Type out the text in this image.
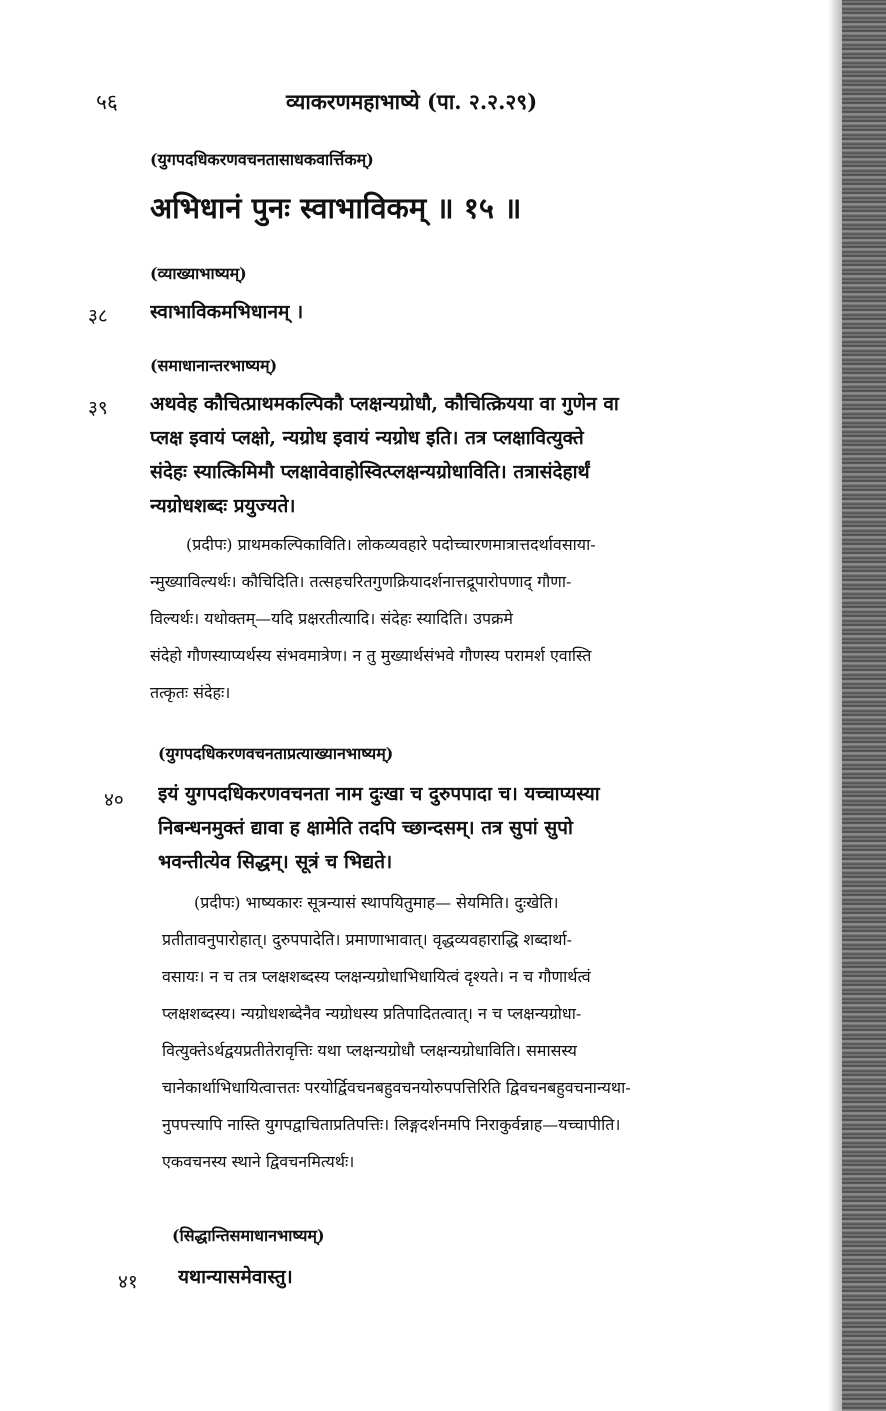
५६	व्याकरणमहाभाष्ये (पा. २.२.२९)
(युगपदधिकरणवचनतासाधकवार्त्तिकम्)
अभिधानं पुनः स्वाभाविकम् ॥ १५ ॥
(व्याख्याभाष्यम्)
३८ स्वाभाविकमभिधानम् ।
(समाधानान्तरभाष्यम्)
३९ अथवेह कौचित्प्राथमकल्पिकौ प्लक्षन्यग्रोधौ, कौचित्क्रियया वा गुणेन वा
प्लक्ष इवायं प्लक्षो, न्यग्रोध इवायं न्यग्रोध इति। तत्र प्लक्षावित्युक्ते
संदेहः स्यात्किमिमौ प्लक्षावेवाहोस्वित्प्लक्षन्यग्रोधाविति। तत्रासंदेहार्थं
न्यग्रोधशब्दः प्रयुज्यते।
(प्रदीपः) प्राथमकल्पिकाविति। लोकव्यवहारे पदोच्चारणमात्रात्तदर्थावसाया-
न्मुख्याविल्यर्थः। कौचिदिति। तत्सहचरितगुणक्रियादर्शनात्तद्रूपारोपणाद् गौणा-
विल्यर्थः। यथोक्तम्—यदि प्रक्षरतीत्यादि। संदेहः स्यादिति। उपक्रमे
संदेहो गौणस्याप्यर्थस्य संभवमात्रेण। न तु मुख्यार्थसंभवे गौणस्य परामर्श एवास्ति
तत्कृतः संदेहः।
(युगपदधिकरणवचनताप्रत्याख्यानभाष्यम्)
४० इयं युगपदधिकरणवचनता नाम दुःखा च दुरुपपादा च। यच्चाप्यस्या
निबन्धनमुक्तं द्यावा ह क्षामेति तदपि च्छान्दसम्। तत्र सुपां सुपो
भवन्तीत्येव सिद्धम्। सूत्रं च भिद्यते।
(प्रदीपः) भाष्यकारः सूत्रन्यासं स्थापयितुमाह— सेयमिति। दुःखेति।
प्रतीतावनुपारोहात्। दुरुपपादेति। प्रमाणाभावात्। वृद्धव्यवहाराद्धि शब्दार्था-
वसायः। न च तत्र प्लक्षशब्दस्य प्लक्षन्यग्रोधाभिधायित्वं दृश्यते। न च गौणार्थत्वं
प्लक्षशब्दस्य। न्यग्रोधशब्देनैव न्यग्रोधस्य प्रतिपादितत्वात्। न च प्लक्षन्यग्रोधा-
वित्युक्तेऽर्थद्वयप्रतीतेरावृत्तिः यथा प्लक्षन्यग्रोधौ प्लक्षन्यग्रोधाविति। समासस्य
चानेकार्थाभिधायित्वात्ततः परयोर्द्विवचनबहुवचनयोरुपपत्तिरिति द्विवचनबहुवचनान्यथा-
नुपपत्त्यापि नास्ति युगपद्वाचिताप्रतिपत्तिः। लिङ्गदर्शनमपि निराकुर्वन्नाह—यच्चापीति।
एकवचनस्य स्थाने द्विवचनमित्यर्थः।
(सिद्धान्तिसमाधानभाष्यम्)
४१ यथान्यासमेवास्तु।
